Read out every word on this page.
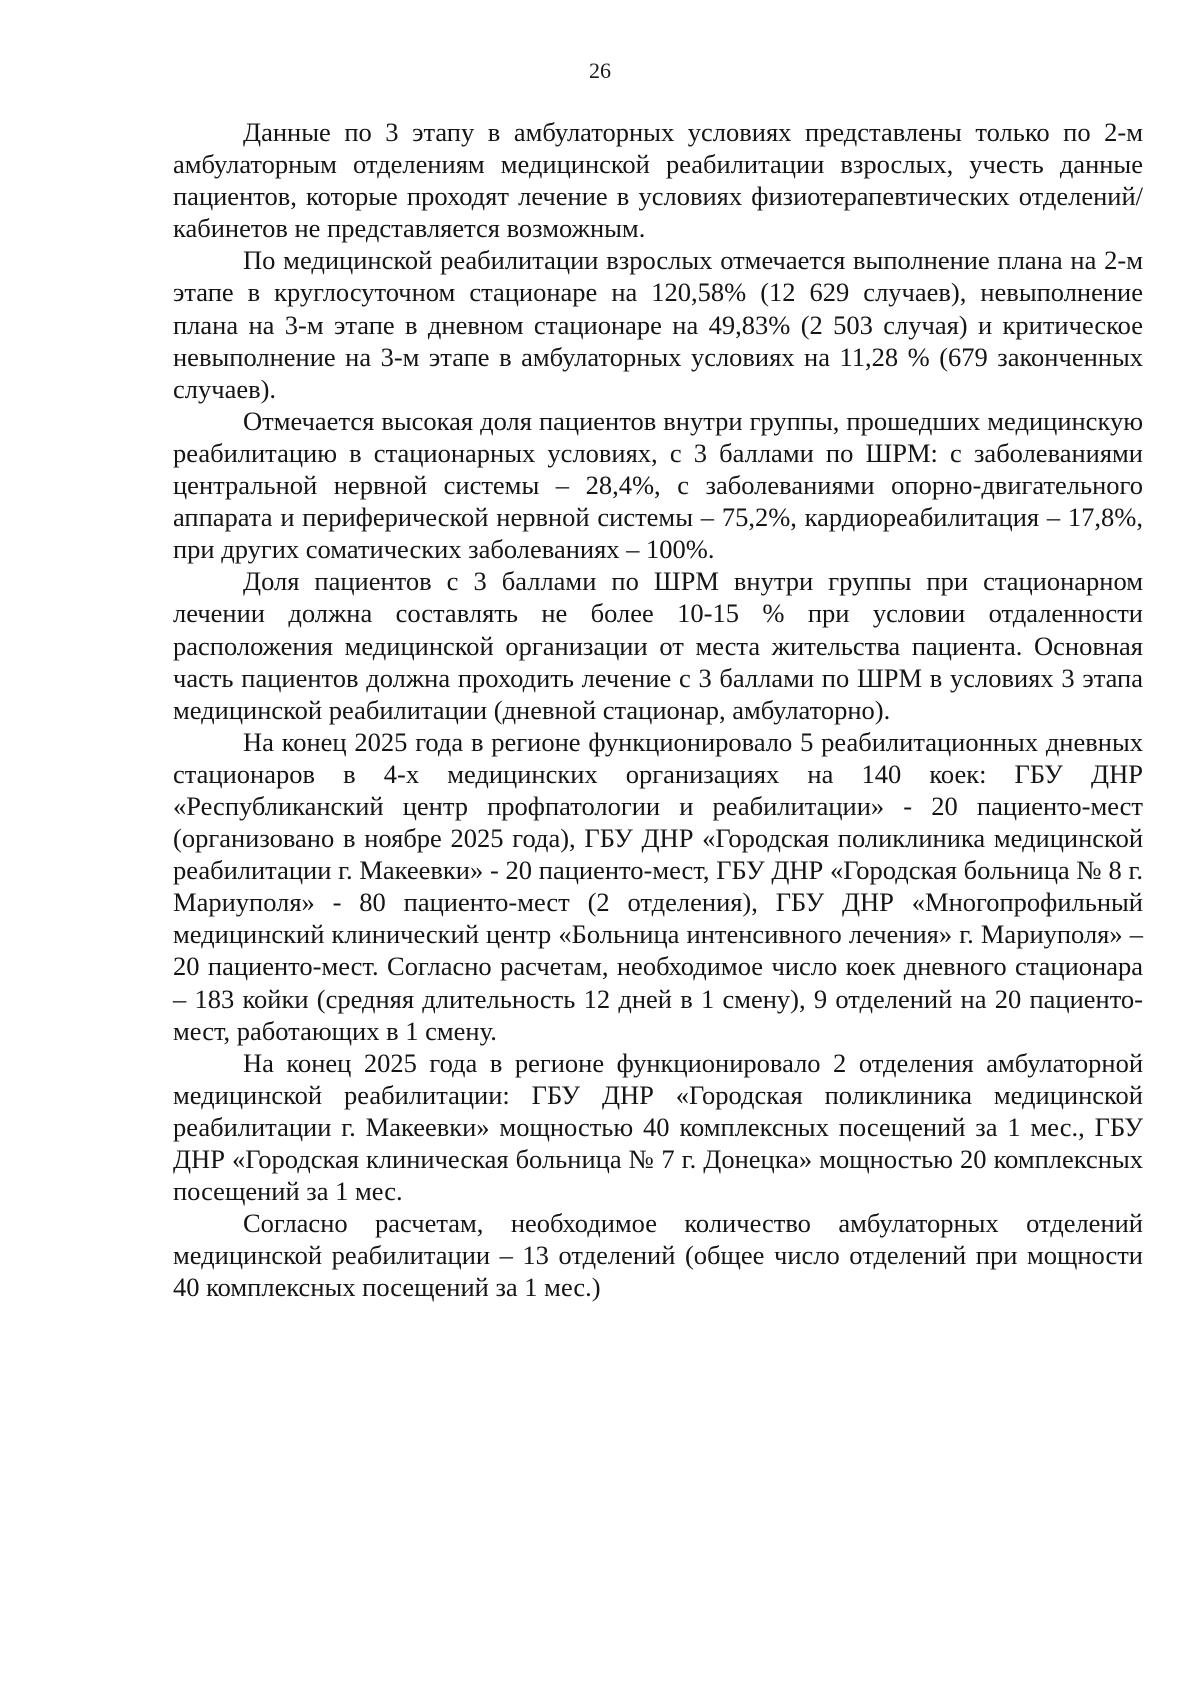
26

Данные по 3 этапу в амбулаторных условиях представлены только по 2-м амбулаторным отделениям медицинской реабилитации взрослых, учесть данные пациентов, которые проходят лечение в условиях физиотерапевтических отделений/кабинетов не представляется возможным.

По медицинской реабилитации взрослых отмечается выполнение плана на 2-м этапе в круглосуточном стационаре на 120,58% (12 629 случаев), невыполнение плана на 3-м этапе в дневном стационаре на 49,83% (2 503 случая) и критическое невыполнение на 3-м этапе в амбулаторных условиях на 11,28 % (679 законченных случаев).

Отмечается высокая доля пациентов внутри группы, прошедших медицинскую реабилитацию в стационарных условиях, с 3 баллами по ШРМ: с заболеваниями центральной нервной системы – 28,4%, с заболеваниями опорно-двигательного аппарата и периферической нервной системы – 75,2%, кардиореабилитация – 17,8%, при других соматических заболеваниях – 100%.

Доля пациентов с 3 баллами по ШРМ внутри группы при стационарном лечении должна составлять не более 10-15 % при условии отдаленности расположения медицинской организации от места жительства пациента. Основная часть пациентов должна проходить лечение с 3 баллами по ШРМ в условиях 3 этапа медицинской реабилитации (дневной стационар, амбулаторно).

На конец 2025 года в регионе функционировало 5 реабилитационных дневных стационаров в 4-х медицинских организациях на 140 коек: ГБУ ДНР «Республиканский центр профпатологии и реабилитации» - 20 пациенто-мест (организовано в ноябре 2025 года), ГБУ ДНР «Городская поликлиника медицинской реабилитации г. Макеевки» - 20 пациенто-мест, ГБУ ДНР «Городская больница № 8 г. Мариуполя» - 80 пациенто-мест (2 отделения), ГБУ ДНР «Многопрофильный медицинский клинический центр «Больница интенсивного лечения» г. Мариуполя» – 20 пациенто-мест. Согласно расчетам, необходимое число коек дневного стационара – 183 койки (средняя длительность 12 дней в 1 смену), 9 отделений на 20 пациенто-мест, работающих в 1 смену.

На конец 2025 года в регионе функционировало 2 отделения амбулаторной медицинской реабилитации: ГБУ ДНР «Городская поликлиника медицинской реабилитации г. Макеевки» мощностью 40 комплексных посещений за 1 мес., ГБУ ДНР «Городская клиническая больница № 7 г. Донецка» мощностью 20 комплексных посещений за 1 мес.

Согласно расчетам, необходимое количество амбулаторных отделений медицинской реабилитации – 13 отделений (общее число отделений при мощности 40 комплексных посещений за 1 мес.)
